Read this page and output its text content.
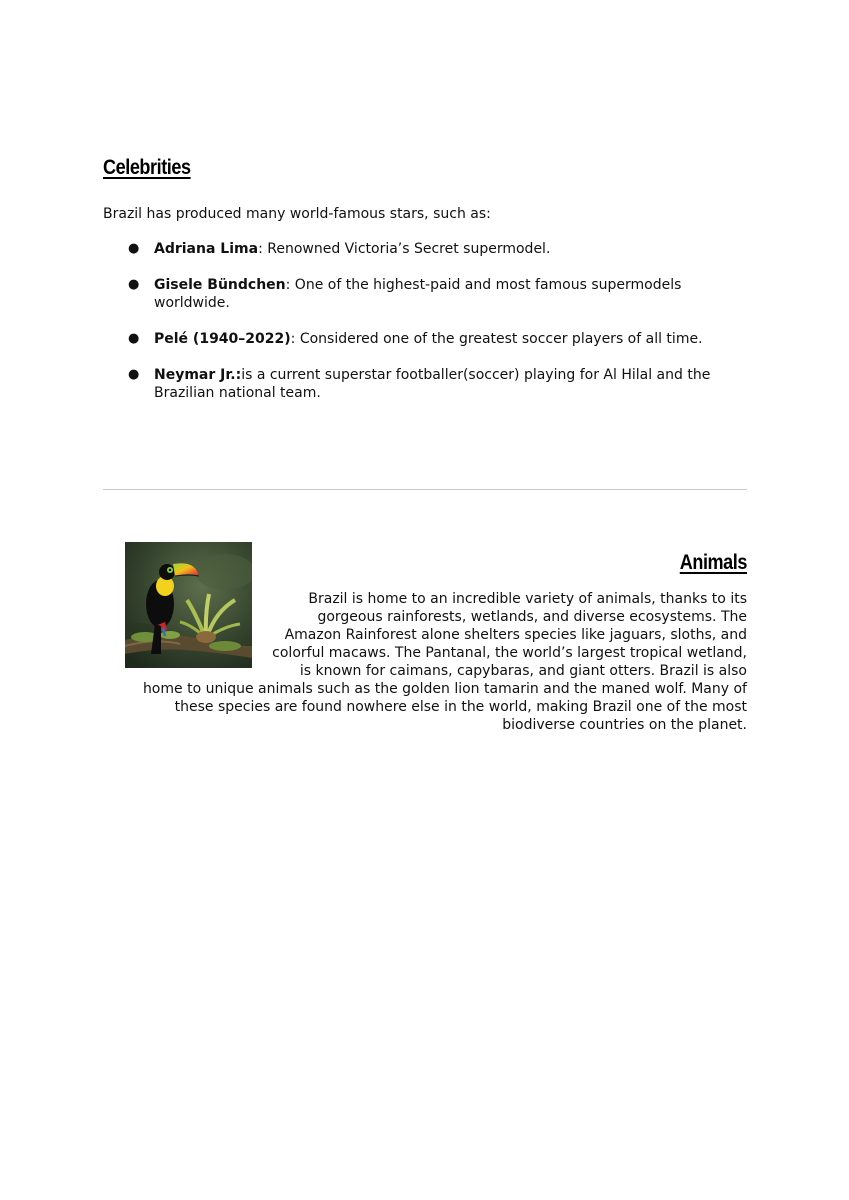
Celebrities
Brazil has produced many world-famous stars, such as:
● Adriana Lima: Renowned Victoria’s Secret supermodel.
● Gisele Bündchen: One of the highest-paid and most famous supermodels worldwide.
● Pelé (1940–2022): Considered one of the greatest soccer players of all time.
● Neymar Jr.:is a current superstar footballer(soccer) playing for Al Hilal and the Brazilian national team.
Animals

Brazil is home to an incredible variety of animals, thanks to its gorgeous rainforests, wetlands, and diverse ecosystems. The Amazon Rainforest alone shelters species like jaguars, sloths, and colorful macaws. The Pantanal, the world’s largest tropical wetland, is known for caimans, capybaras, and giant otters. Brazil is also home to unique animals such as the golden lion tamarin and the maned wolf. Many of these species are found nowhere else in the world, making Brazil one of the most biodiverse countries on the planet.
